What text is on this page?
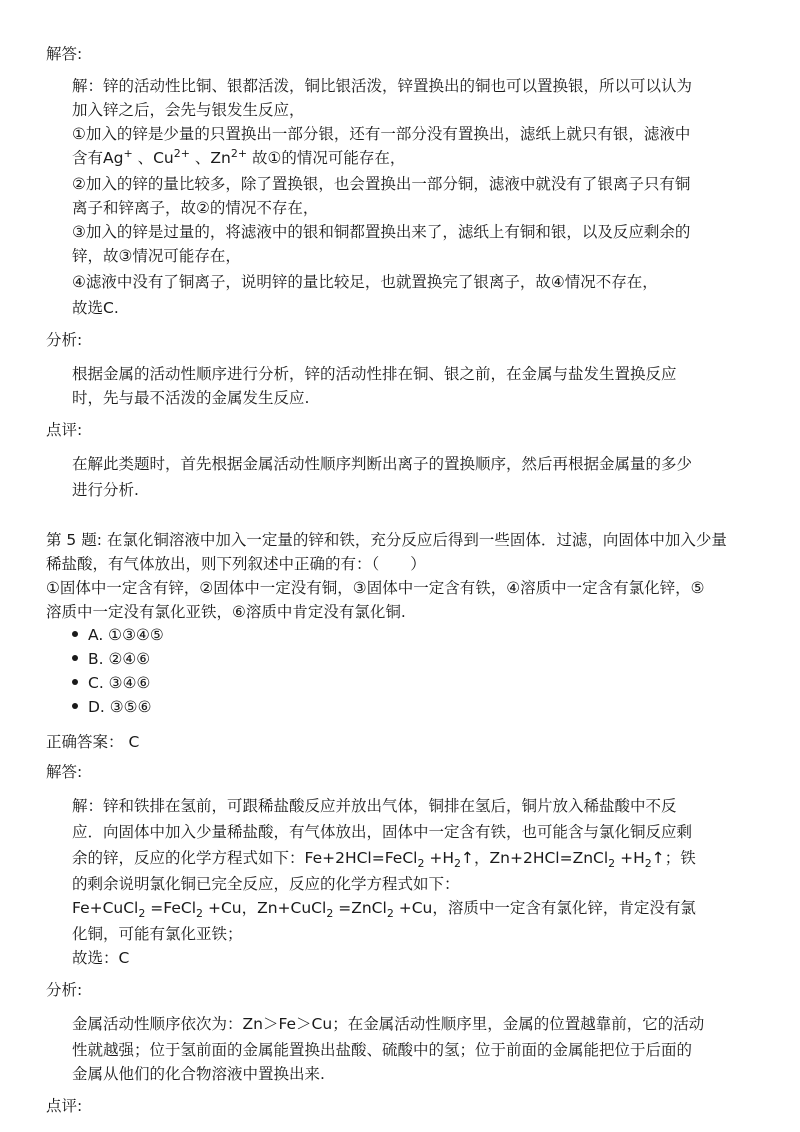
解答:
解：锌的活动性比铜、银都活泼，铜比银活泼，锌置换出的铜也可以置换银，所以可以认为
加入锌之后，会先与银发生反应，
①加入的锌是少量的只置换出一部分银，还有一部分没有置换出，滤纸上就只有银，滤液中
含有Ag+ 、$Cu^{2+}$ 、$Zn^{2+}$ 故①的情况可能存在，
②加入的锌的量比较多，除了置换银，也会置换出一部分铜，滤液中就没有了银离子只有铜
离子和锌离子，故②的情况不存在，
③加入的锌是过量的，将滤液中的银和铜都置换出来了，滤纸上有铜和银，以及反应剩余的
锌，故③情况可能存在，
④滤液中没有了铜离子，说明锌的量比较足，也就置换完了银离子，故④情况不存在，
故选C.
分析:
根据金属的活动性顺序进行分析，锌的活动性排在铜、银之前，在金属与盐发生置换反应
时，先与最不活泼的金属发生反应.
点评:
在解此类题时，首先根据金属活动性顺序判断出离子的置换顺序，然后再根据金属量的多少
进行分析.
第 5 题: 在氯化铜溶液中加入一定量的锌和铁，充分反应后得到一些固体．过滤，向固体中加入少量
稀盐酸，有气体放出，则下列叙述中正确的有：（　　）
①固体中一定含有锌，②固体中一定没有铜，③固体中一定含有铁，④溶质中一定含有氯化锌，⑤
溶质中一定没有氯化亚铁，⑥溶质中肯定没有氯化铜.
A. ①③④⑤
B. ②④⑥
C. ③④⑥
D. ③⑤⑥
正确答案： C
解答:
解：锌和铁排在氢前，可跟稀盐酸反应并放出气体，铜排在氢后，铜片放入稀盐酸中不反
应．向固体中加入少量稀盐酸，有气体放出，固体中一定含有铁，也可能含与氯化铜反应剩
余的锌，反应的化学方程式如下：Fe+2HCl=FeCl$_2$ $+H_2↑$，Zn+2HCl=ZnCl$_2$ $+H_2↑$；铁
的剩余说明氯化铜已完全反应，反应的化学方程式如下：
Fe+CuCl$_2$ =FeCl$_2$ +Cu，Zn+CuCl$_2$ =ZnCl$_2$ +Cu，溶质中一定含有氯化锌，肯定没有氯
化铜，可能有氯化亚铁；
故选：C
分析:
金属活动性顺序依次为：Zn＞Fe＞Cu；在金属活动性顺序里，金属的位置越靠前，它的活动
性就越强；位于氢前面的金属能置换出盐酸、硫酸中的氢；位于前面的金属能把位于后面的
金属从他们的化合物溶液中置换出来.
点评:
